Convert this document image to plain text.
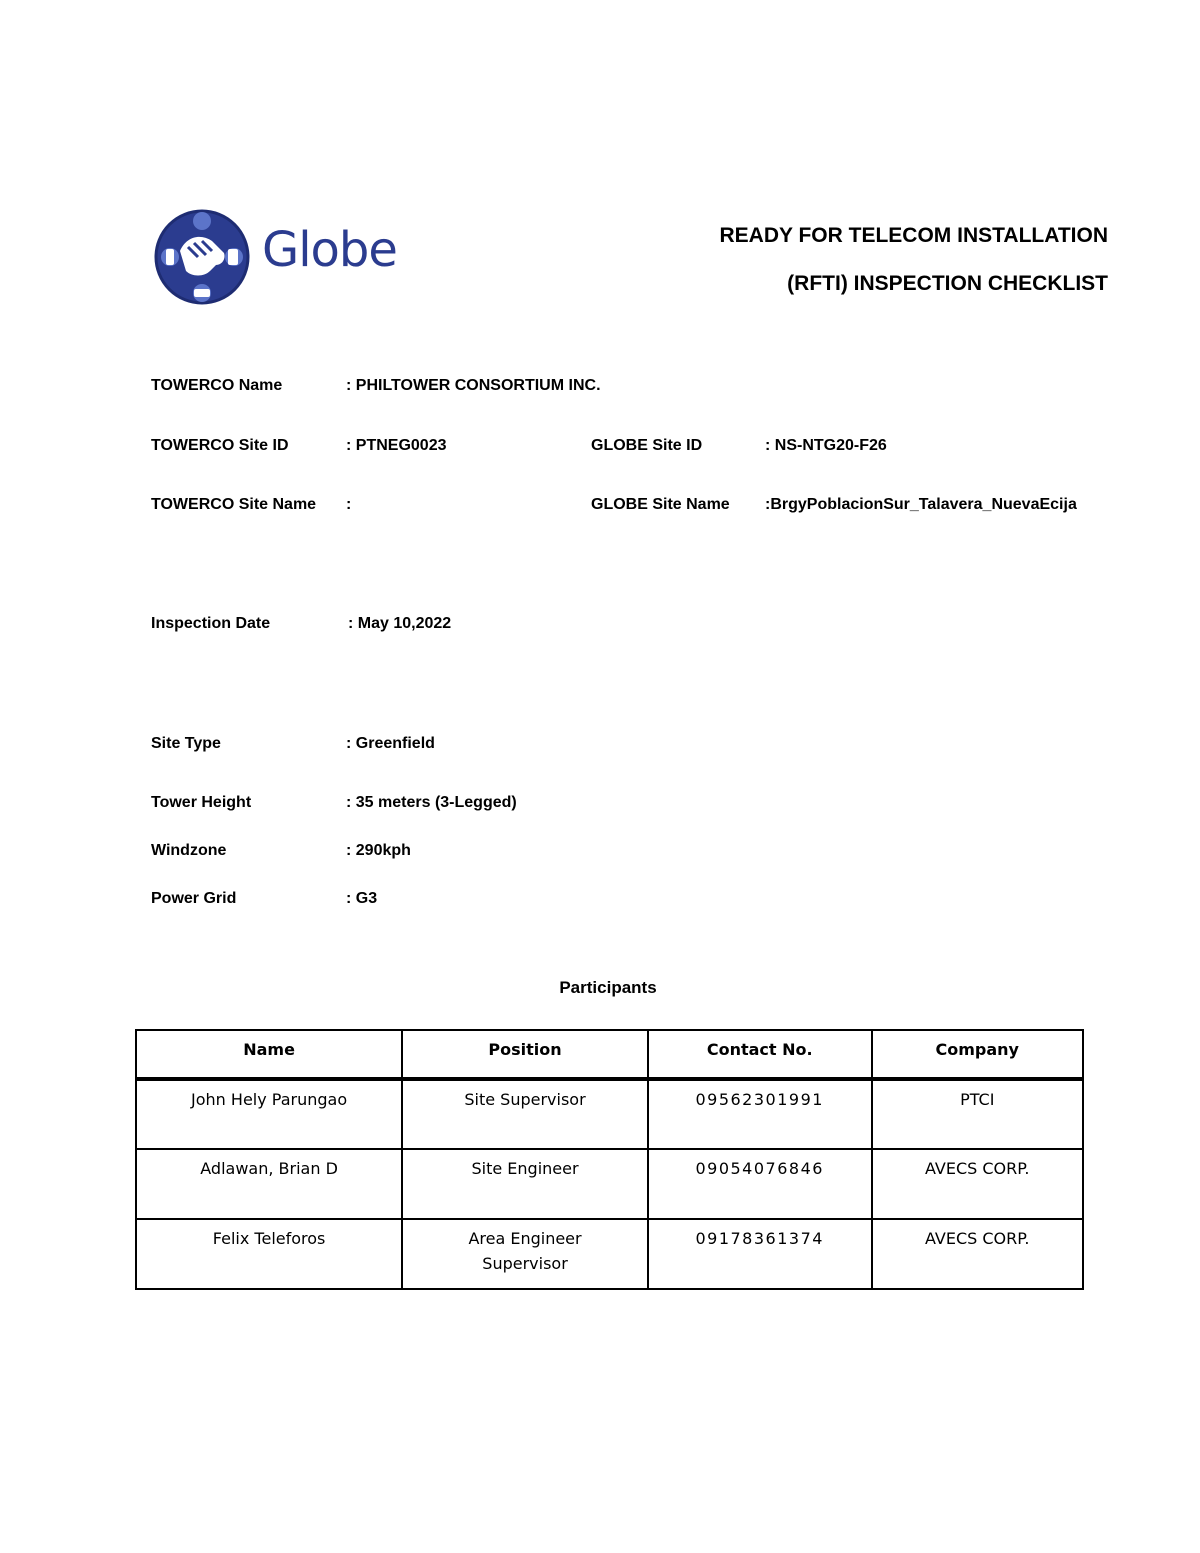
Globe	READY FOR TELECOM INSTALLATION
(RFTI) INSPECTION CHECKLIST
TOWERCO Name	: PHILTOWER CONSORTIUM INC.
TOWERCO Site ID	: PTNEG0023	GLOBE Site ID	: NS-NTG20-F26
TOWERCO Site Name :	GLOBE Site Name :BrgyPoblacionSur_Talavera_NuevaEcija
Inspection Date	: May 10,2022
Site Type	: Greenfield
Tower Height	: 35 meters (3-Legged)
Windzone	: 290kph
Power Grid	: G3
Participants
Name	Position	Contact No.	Company
John Hely Parungao	Site Supervisor	09562301991	PTCI
Adlawan, Brian D	Site Engineer	09054076846	AVECS CORP.
Felix Teleforos	Area Engineer Supervisor	09178361374	AVECS CORP.
